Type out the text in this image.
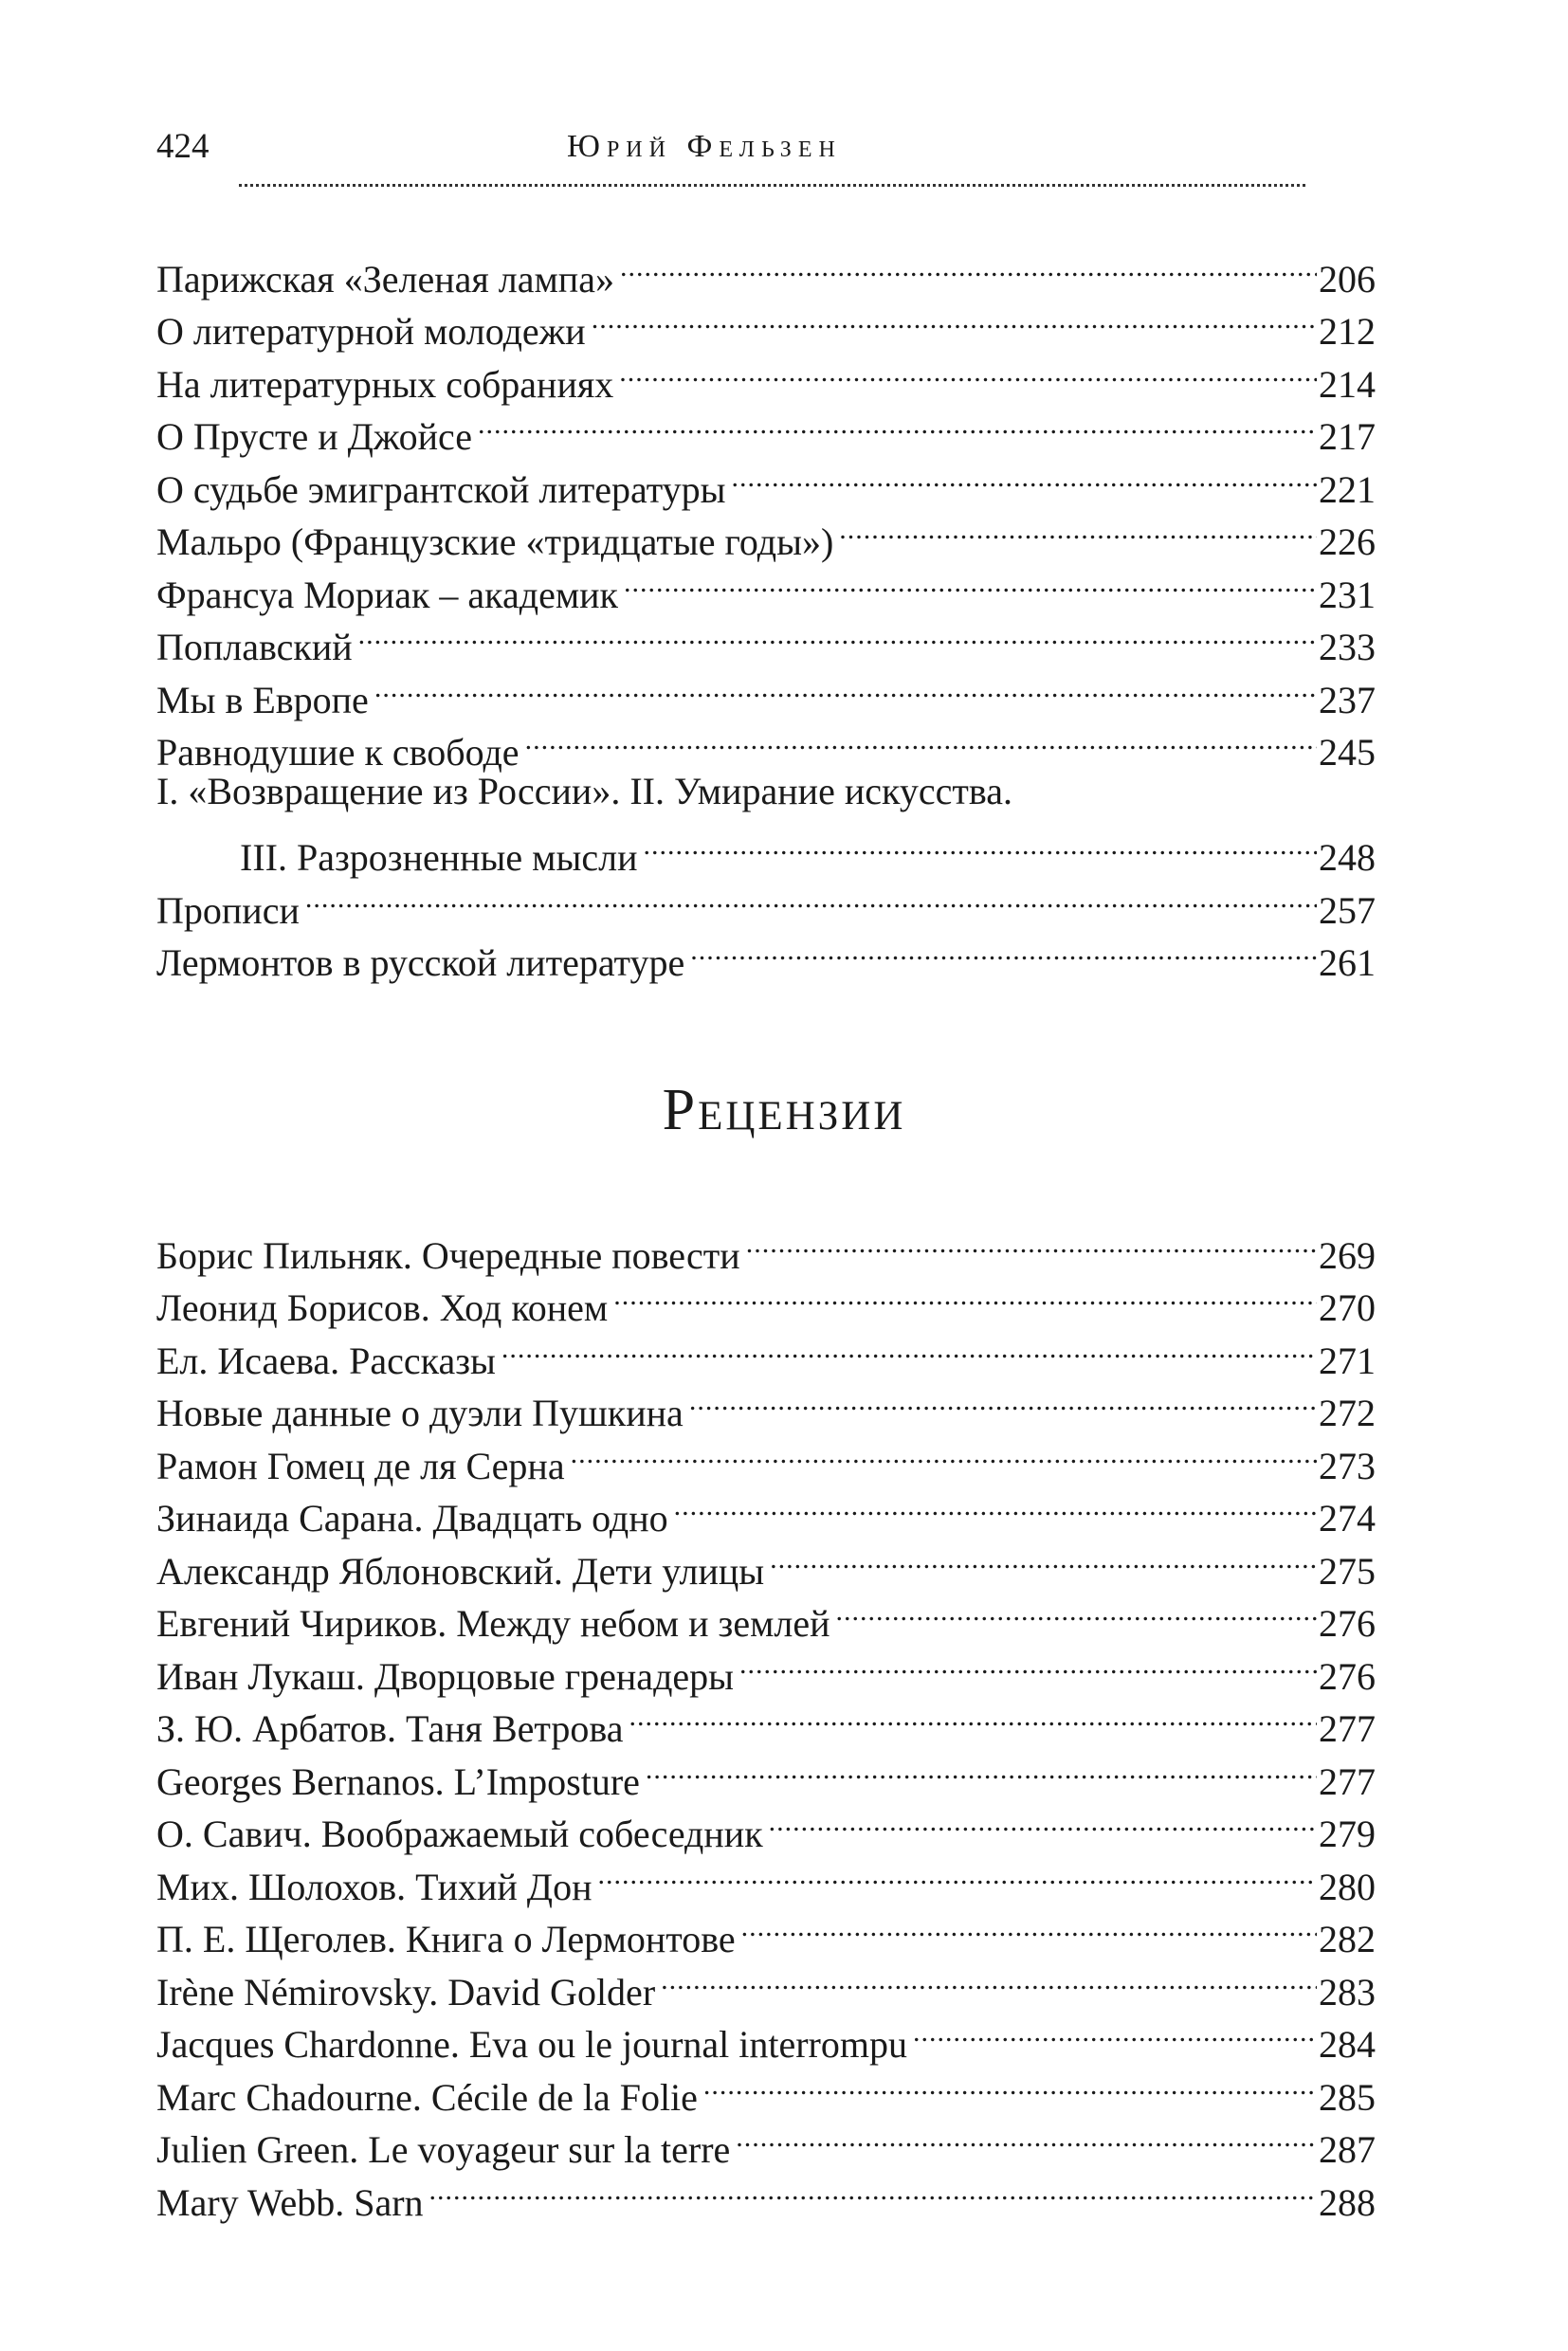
424	Юрий Фельзен
Парижская «Зеленая лампа» .....	206
О литературной молодежи .....	212
На литературных собраниях .....	214
О Прусте и Джойсе .....	217
О судьбе эмигрантской литературы .....	221
Мальро (Французские «тридцатые годы») .....	226
Франсуа Мориак – академик .....	231
Поплавский .....	233
Мы в Европе .....	237
Равнодушие к свободе .....	245
I. «Возвращение из России». II. Умирание искусства.
III. Разрозненные мысли .....	248
Прописи .....	257
Лермонтов в русской литературе .....	261
Рецензии
Борис Пильняк. Очередные повести .....	269
Леонид Борисов. Ход конем .....	270
Ел. Исаева. Рассказы .....	271
Новые данные о дуэли Пушкина .....	272
Рамон Гомец де ля Серна .....	273
Зинаида Сарана. Двадцать одно .....	274
Александр Яблоновский. Дети улицы .....	275
Евгений Чириков. Между небом и землей .....	276
Иван Лукаш. Дворцовые гренадеры .....	276
З. Ю. Арбатов. Таня Ветрова .....	277
Georges Bernanos. L’Imposture .....	277
О. Савич. Воображаемый собеседник .....	279
Мих. Шолохов. Тихий Дон .....	280
П. Е. Щеголев. Книга о Лермонтове .....	282
Irène Némirovsky. David Golder .....	283
Jacques Chardonne. Eva ou le journal interrompu .....	284
Marc Chadourne. Cécile de la Folie .....	285
Julien Green. Le voyageur sur la terre .....	287
Mary Webb. Sarn .....	288
